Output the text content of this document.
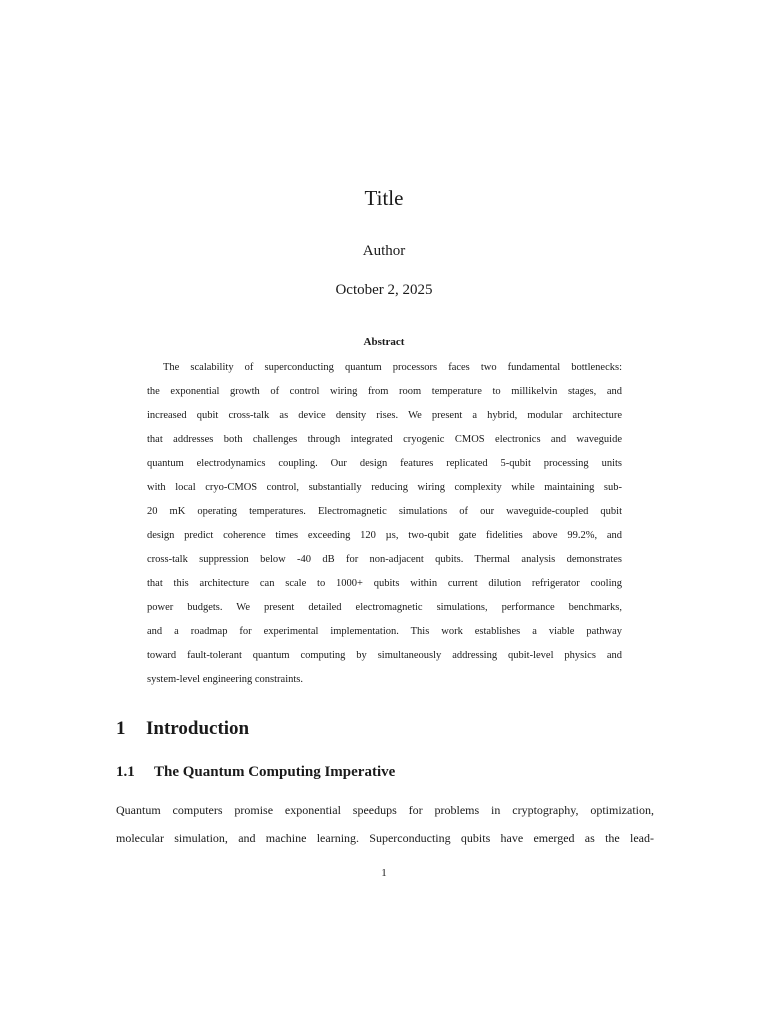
Title
Author
October 2, 2025
Abstract
The scalability of superconducting quantum processors faces two fundamental bottlenecks:
the exponential growth of control wiring from room temperature to millikelvin stages, and
increased qubit cross-talk as device density rises. We present a hybrid, modular architecture
that addresses both challenges through integrated cryogenic CMOS electronics and waveguide
quantum electrodynamics coupling. Our design features replicated 5-qubit processing units
with local cryo-CMOS control, substantially reducing wiring complexity while maintaining sub-
20 mK operating temperatures. Electromagnetic simulations of our waveguide-coupled qubit
design predict coherence times exceeding 120 µs, two-qubit gate fidelities above 99.2%, and
cross-talk suppression below -40 dB for non-adjacent qubits. Thermal analysis demonstrates
that this architecture can scale to 1000+ qubits within current dilution refrigerator cooling
power budgets. We present detailed electromagnetic simulations, performance benchmarks,
and a roadmap for experimental implementation. This work establishes a viable pathway
toward fault-tolerant quantum computing by simultaneously addressing qubit-level physics and
system-level engineering constraints.
1 Introduction
1.1 The Quantum Computing Imperative
Quantum computers promise exponential speedups for problems in cryptography, optimization,
molecular simulation, and machine learning. Superconducting qubits have emerged as the lead-
1
